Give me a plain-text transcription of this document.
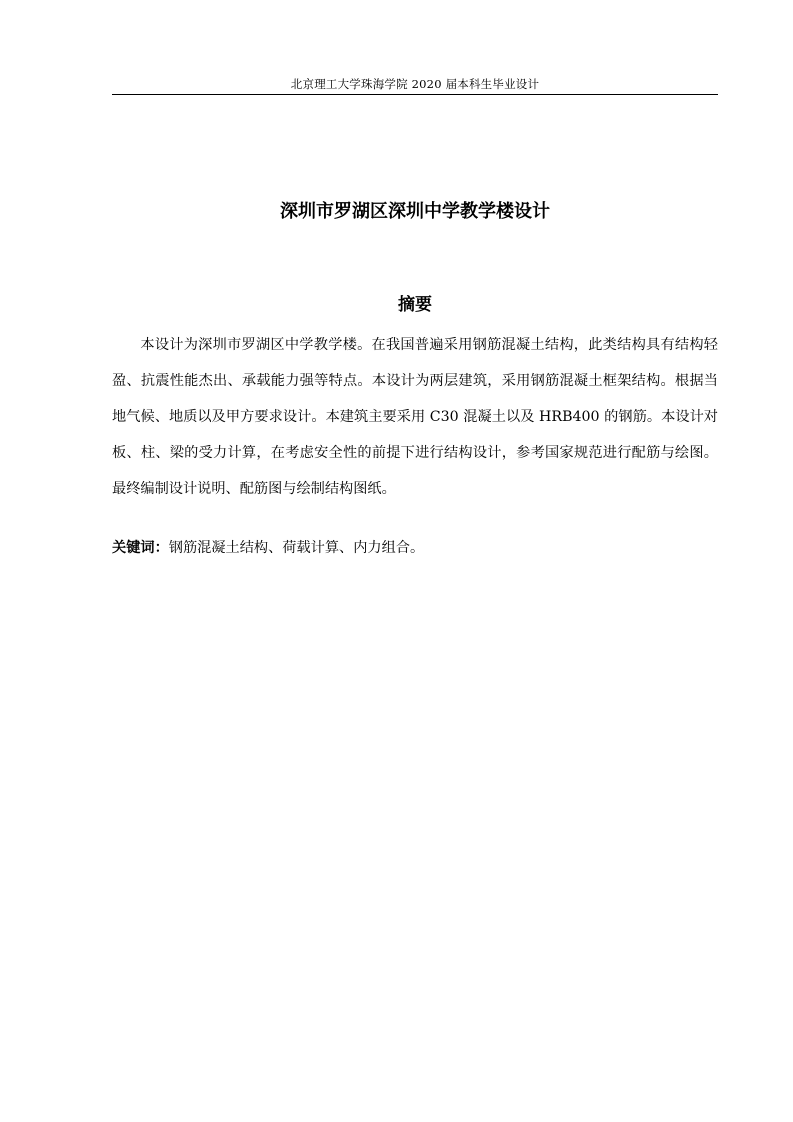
北京理工大学珠海学院 2020 届本科生毕业设计
深圳市罗湖区深圳中学教学楼设计
摘要

本设计为深圳市罗湖区中学教学楼。在我国普遍采用钢筋混凝土结构，此类结构具有结构轻盈、抗震性能杰出、承载能力强等特点。本设计为两层建筑，采用钢筋混凝土框架结构。根据当地气候、地质以及甲方要求设计。本建筑主要采用 C30 混凝土以及 HRB400 的钢筋。本设计对板、柱、梁的受力计算，在考虑安全性的前提下进行结构设计，参考国家规范进行配筋与绘图。最终编制设计说明、配筋图与绘制结构图纸。

关键词：钢筋混凝土结构、荷载计算、内力组合。
